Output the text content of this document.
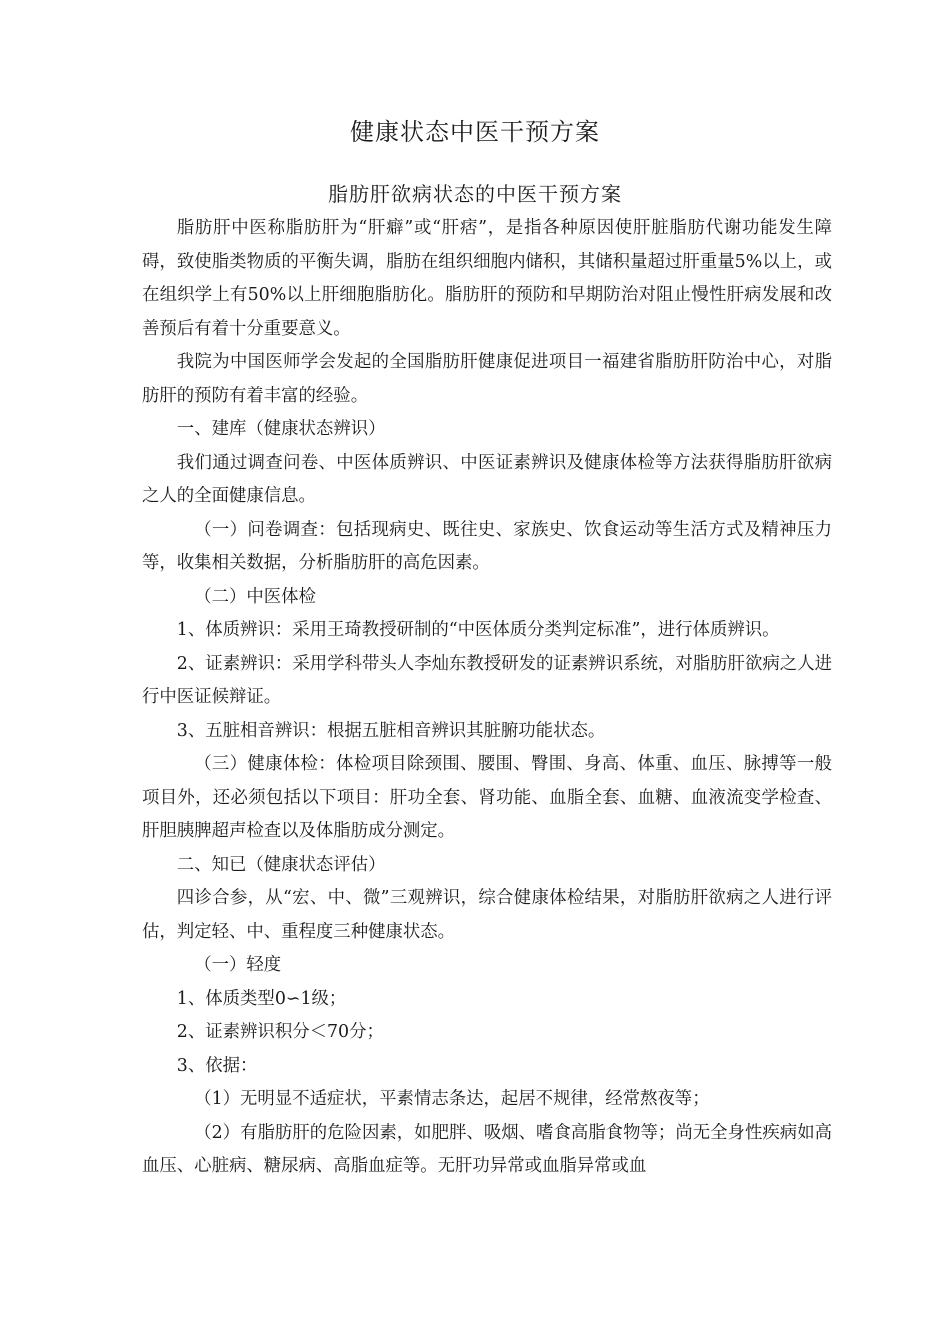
健康状态中医干预方案
脂肪肝欲病状态的中医干预方案

脂肪肝中医称脂肪肝为“肝癖”或“肝痞”，是指各种原因使肝脏脂肪代谢功能发生障碍，致使脂类物质的平衡失调，脂肪在组织细胞内储积，其储积量超过肝重量5%以上，或在组织学上有50%以上肝细胞脂肪化。脂肪肝的预防和早期防治对阻止慢性肝病发展和改善预后有着十分重要意义。

我院为中国医师学会发起的全国脂肪肝健康促进项目一福建省脂肪肝防治中心，对脂肪肝的预防有着丰富的经验。

一、建库（健康状态辨识）

我们通过调查问卷、中医体质辨识、中医证素辨识及健康体检等方法获得脂肪肝欲病之人的全面健康信息。

（一）问卷调查：包括现病史、既往史、家族史、饮食运动等生活方式及精神压力等，收集相关数据，分析脂肪肝的高危因素。

（二）中医体检

1、体质辨识：采用王琦教授研制的“中医体质分类判定标准”，进行体质辨识。

2、证素辨识：采用学科带头人李灿东教授研发的证素辨识系统，对脂肪肝欲病之人进行中医证候辩证。

3、五脏相音辨识：根据五脏相音辨识其脏腑功能状态。

（三）健康体检：体检项目除颈围、腰围、臀围、身高、体重、血压、脉搏等一般项目外，还必须包括以下项目：肝功全套、肾功能、血脂全套、血糖、血液流变学检查、肝胆胰脾超声检查以及体脂肪成分测定。

二、知已（健康状态评估）

四诊合参，从“宏、中、微”三观辨识，综合健康体检结果，对脂肪肝欲病之人进行评估，判定轻、中、重程度三种健康状态。

（一）轻度

1、体质类型0∽1级；

2、证素辨识积分＜70分；

3、依据：

（1）无明显不适症状，平素情志条达，起居不规律，经常熬夜等；

（2）有脂肪肝的危险因素，如肥胖、吸烟、嗜食高脂食物等；尚无全身性疾病如高血压、心脏病、糖尿病、高脂血症等。无肝功异常或血脂异常或血
